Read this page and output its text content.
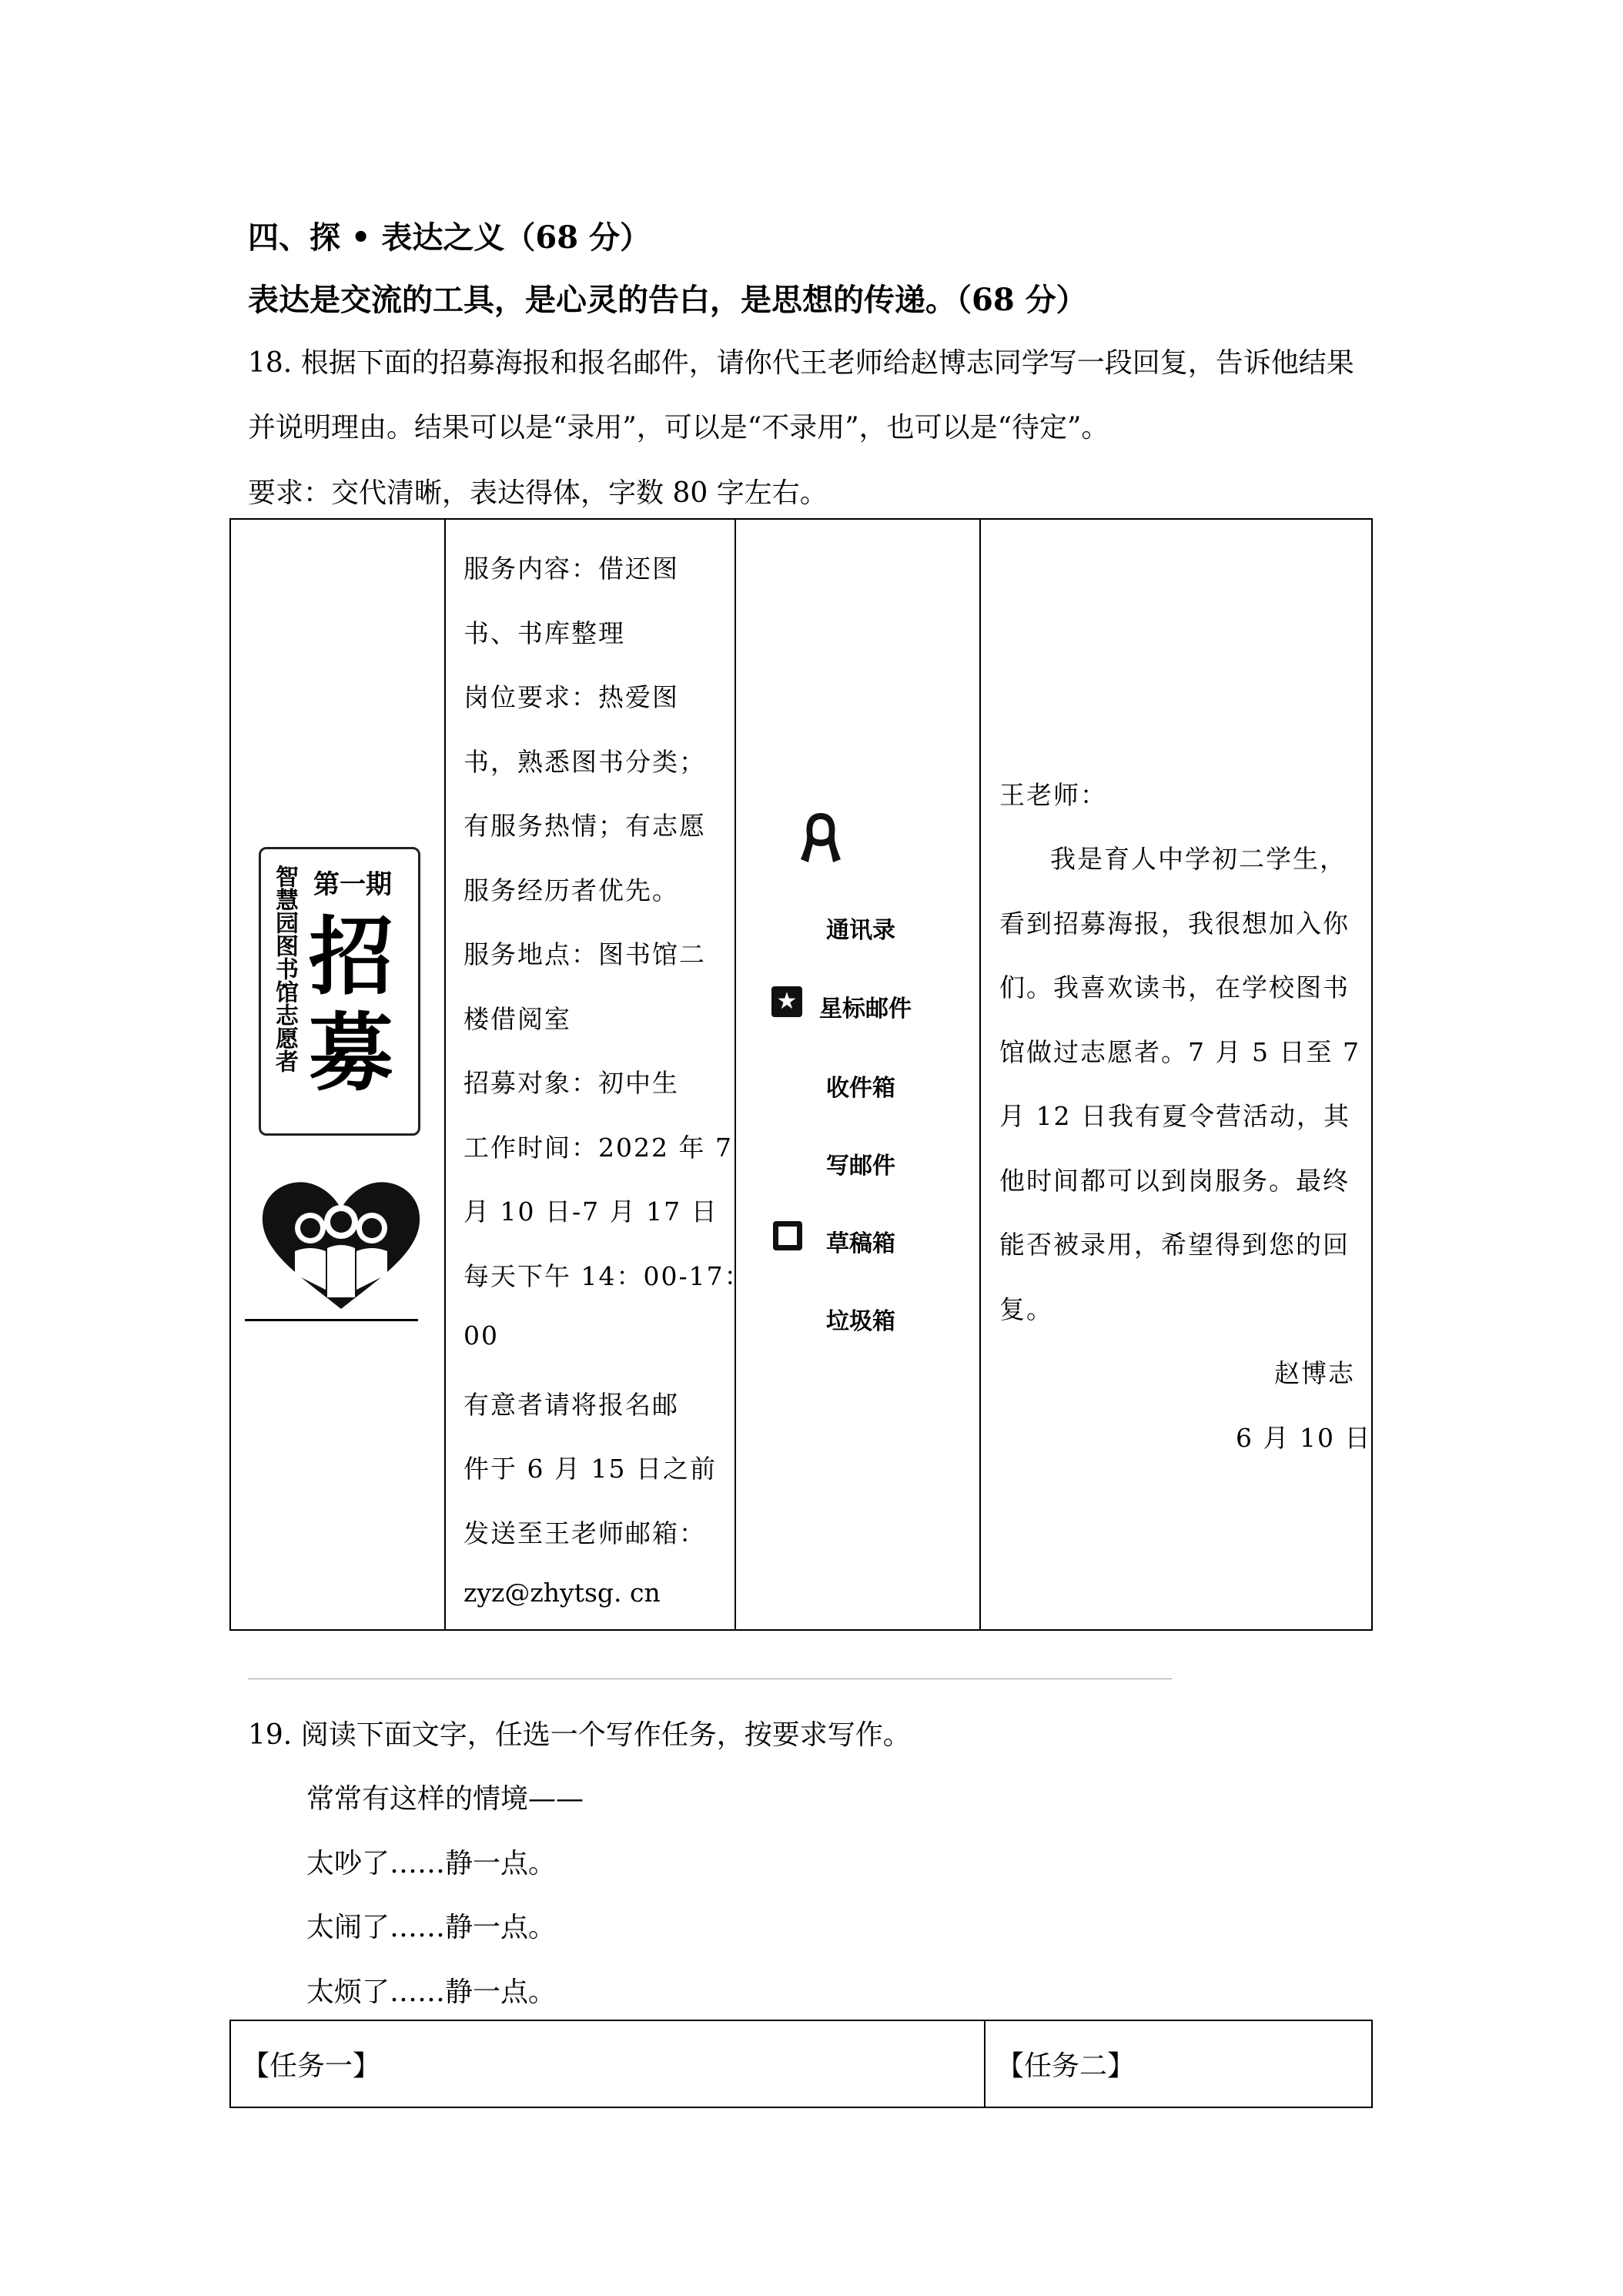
四、探 • 表达之义（68 分）
表达是交流的工具，是心灵的告白，是思想的传递。（68 分）
18. 根据下面的招募海报和报名邮件，请你代王老师给赵博志同学写一段回复，告诉他结果
并说明理由。结果可以是“录用”，可以是“不录用”，也可以是“待定”。
要求：交代清晰，表达得体，字数 80 字左右。
第一期
智慧园图书馆志愿者 招
募
服务内容：借还图
书、书库整理
岗位要求：热爱图
书，熟悉图书分类；
有服务热情；有志愿
服务经历者优先。
服务地点：图书馆二
楼借阅室
招募对象：初中生
工作时间：2022 年 7
月 10 日-7 月 17 日
每天下午 14：00-17：
00
有意者请将报名邮
件于 6 月 15 日之前
发送至王老师邮箱：
zyz@zhytsg. cn
通讯录
★ 星标邮件
收件箱
写邮件
草稿箱
垃圾箱
王老师：
我是育人中学初二学生，
看到招募海报，我很想加入你
们。我喜欢读书，在学校图书
馆做过志愿者。7 月 5 日至 7
月 12 日我有夏令营活动，其
他时间都可以到岗服务。最终
能否被录用，希望得到您的回
复。
赵博志
6 月 10 日
19. 阅读下面文字，任选一个写作任务，按要求写作。
常常有这样的情境——
太吵了……静一点。
太闹了……静一点。
太烦了……静一点。
【任务一】	【任务二】
